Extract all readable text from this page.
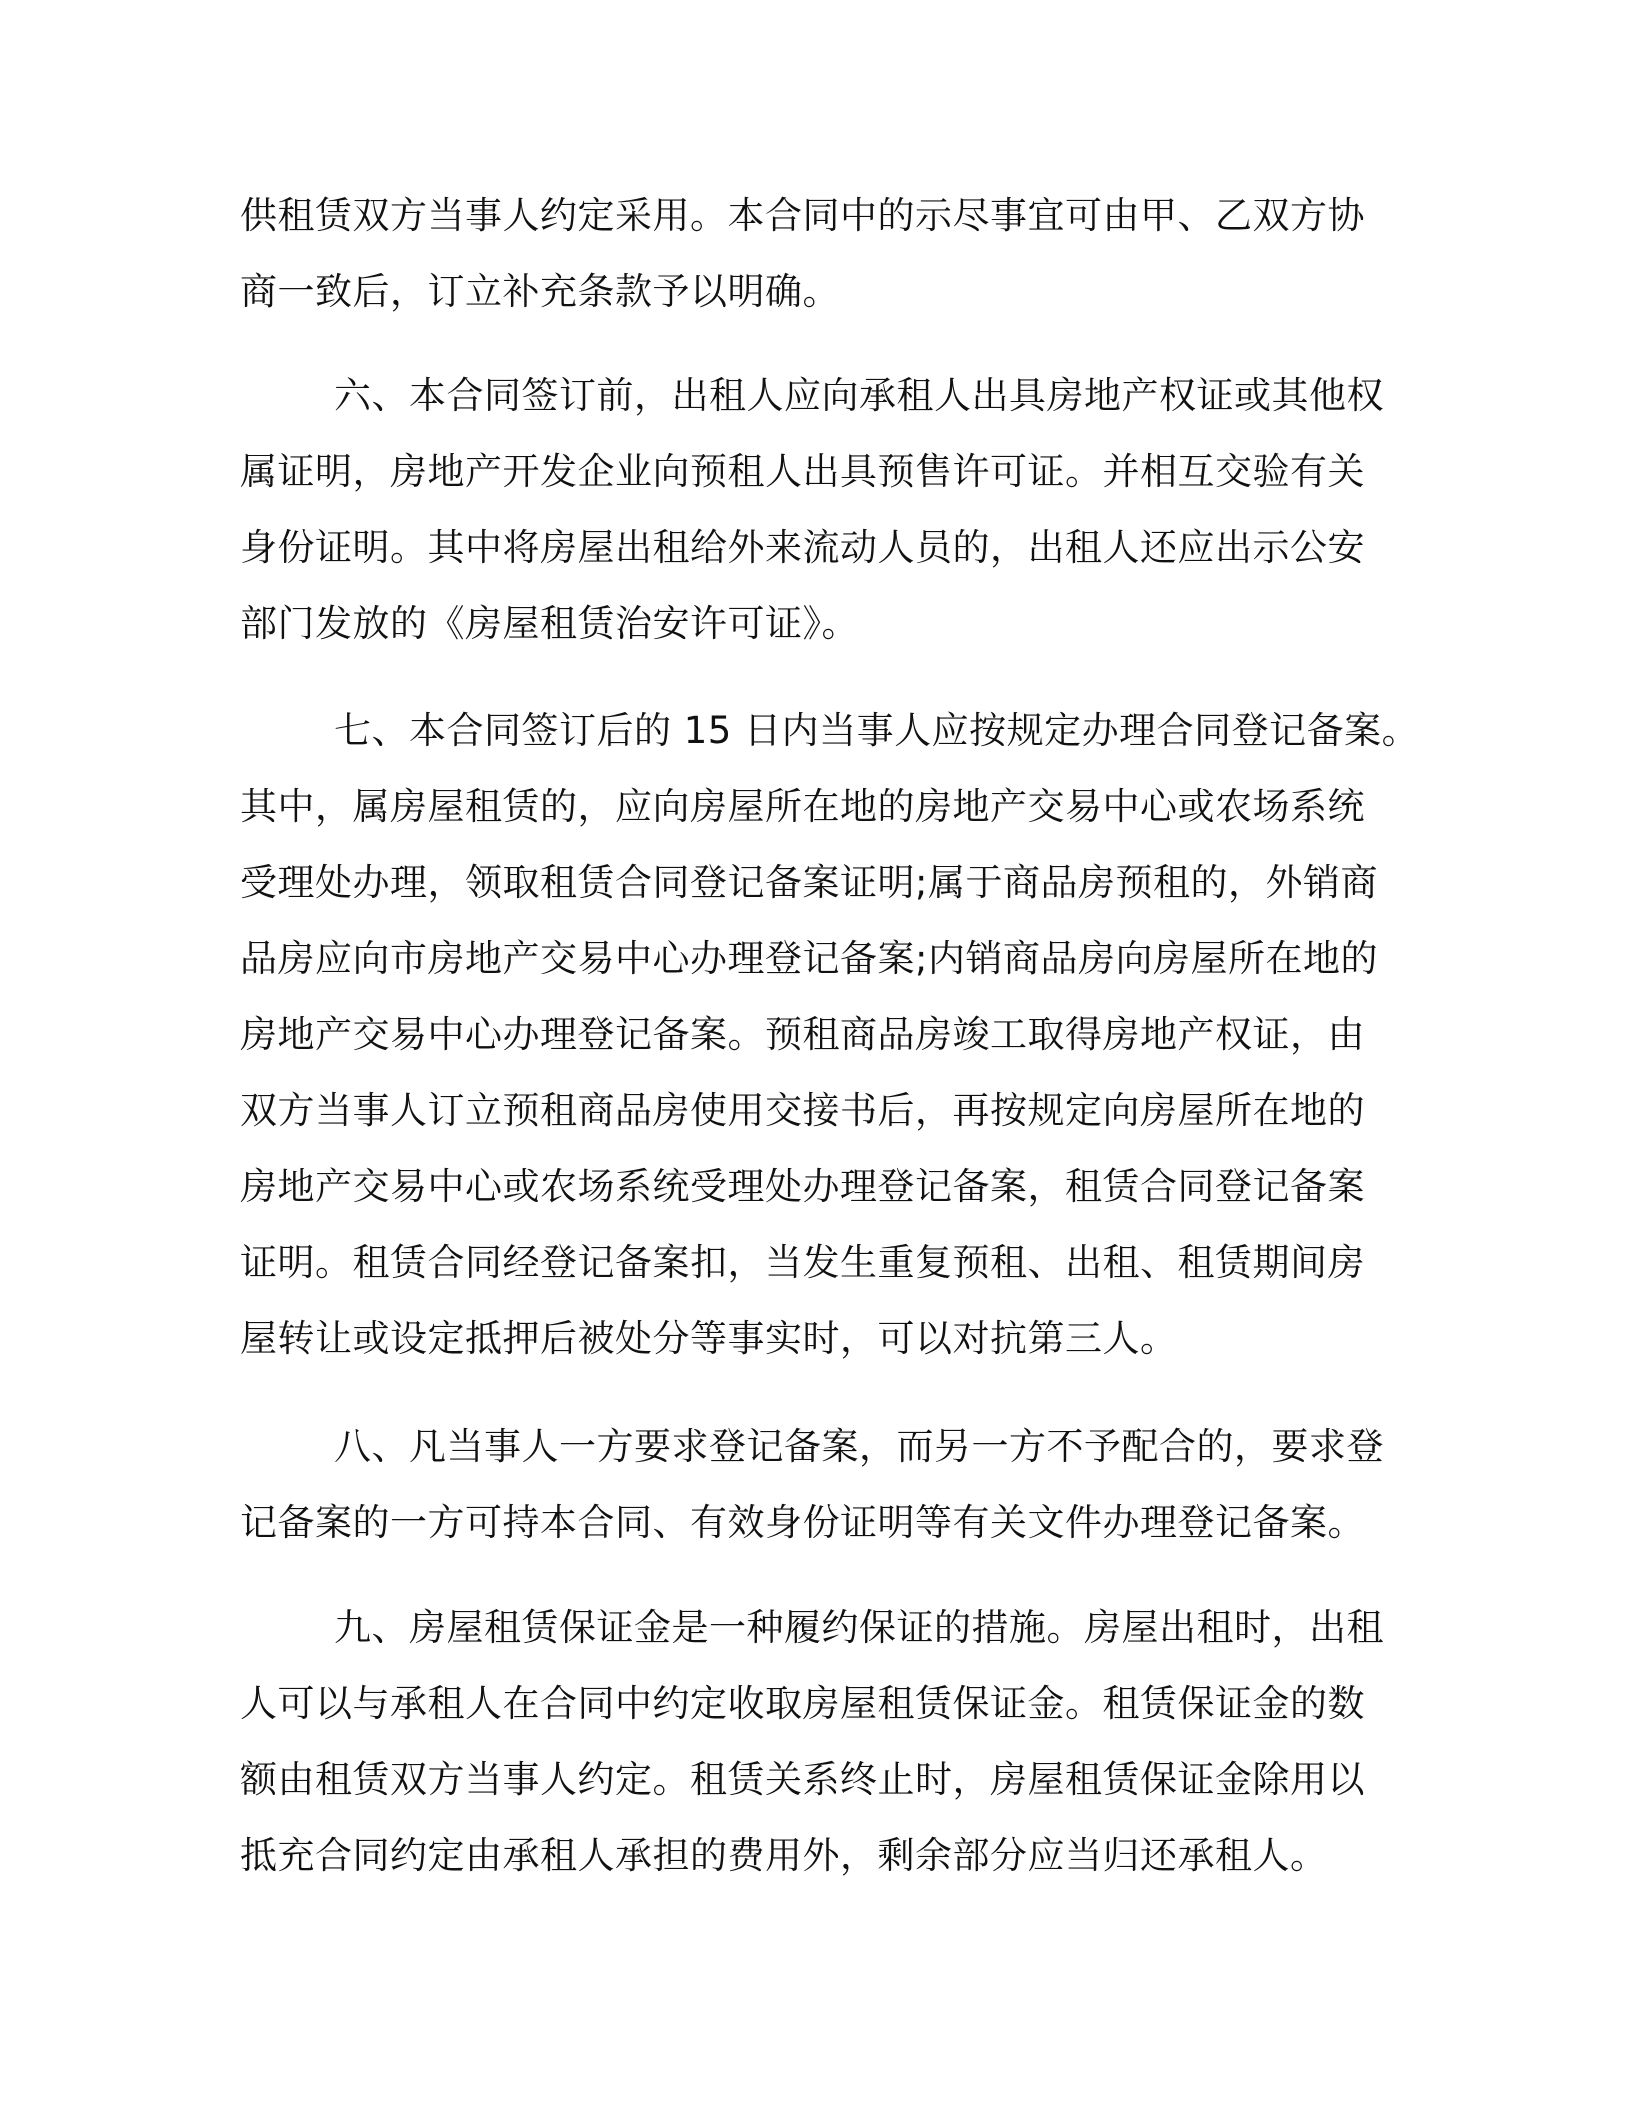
供租赁双方当事人约定采用。本合同中的示尽事宜可由甲、乙双方协
商一致后，订立补充条款予以明确。
六、本合同签订前，出租人应向承租人出具房地产权证或其他权
属证明，房地产开发企业向预租人出具预售许可证。并相互交验有关
身份证明。其中将房屋出租给外来流动人员的，出租人还应出示公安
部门发放的《房屋租赁治安许可证》。
七、本合同签订后的 15 日内当事人应按规定办理合同登记备案。
其中，属房屋租赁的，应向房屋所在地的房地产交易中心或农场系统
受理处办理，领取租赁合同登记备案证明;属于商品房预租的，外销商
品房应向市房地产交易中心办理登记备案;内销商品房向房屋所在地的
房地产交易中心办理登记备案。预租商品房竣工取得房地产权证，由
双方当事人订立预租商品房使用交接书后，再按规定向房屋所在地的
房地产交易中心或农场系统受理处办理登记备案，租赁合同登记备案
证明。租赁合同经登记备案扣，当发生重复预租、出租、租赁期间房
屋转让或设定抵押后被处分等事实时，可以对抗第三人。
八、凡当事人一方要求登记备案，而另一方不予配合的，要求登
记备案的一方可持本合同、有效身份证明等有关文件办理登记备案。
九、房屋租赁保证金是一种履约保证的措施。房屋出租时，出租
人可以与承租人在合同中约定收取房屋租赁保证金。租赁保证金的数
额由租赁双方当事人约定。租赁关系终止时，房屋租赁保证金除用以
抵充合同约定由承租人承担的费用外，剩余部分应当归还承租人。
